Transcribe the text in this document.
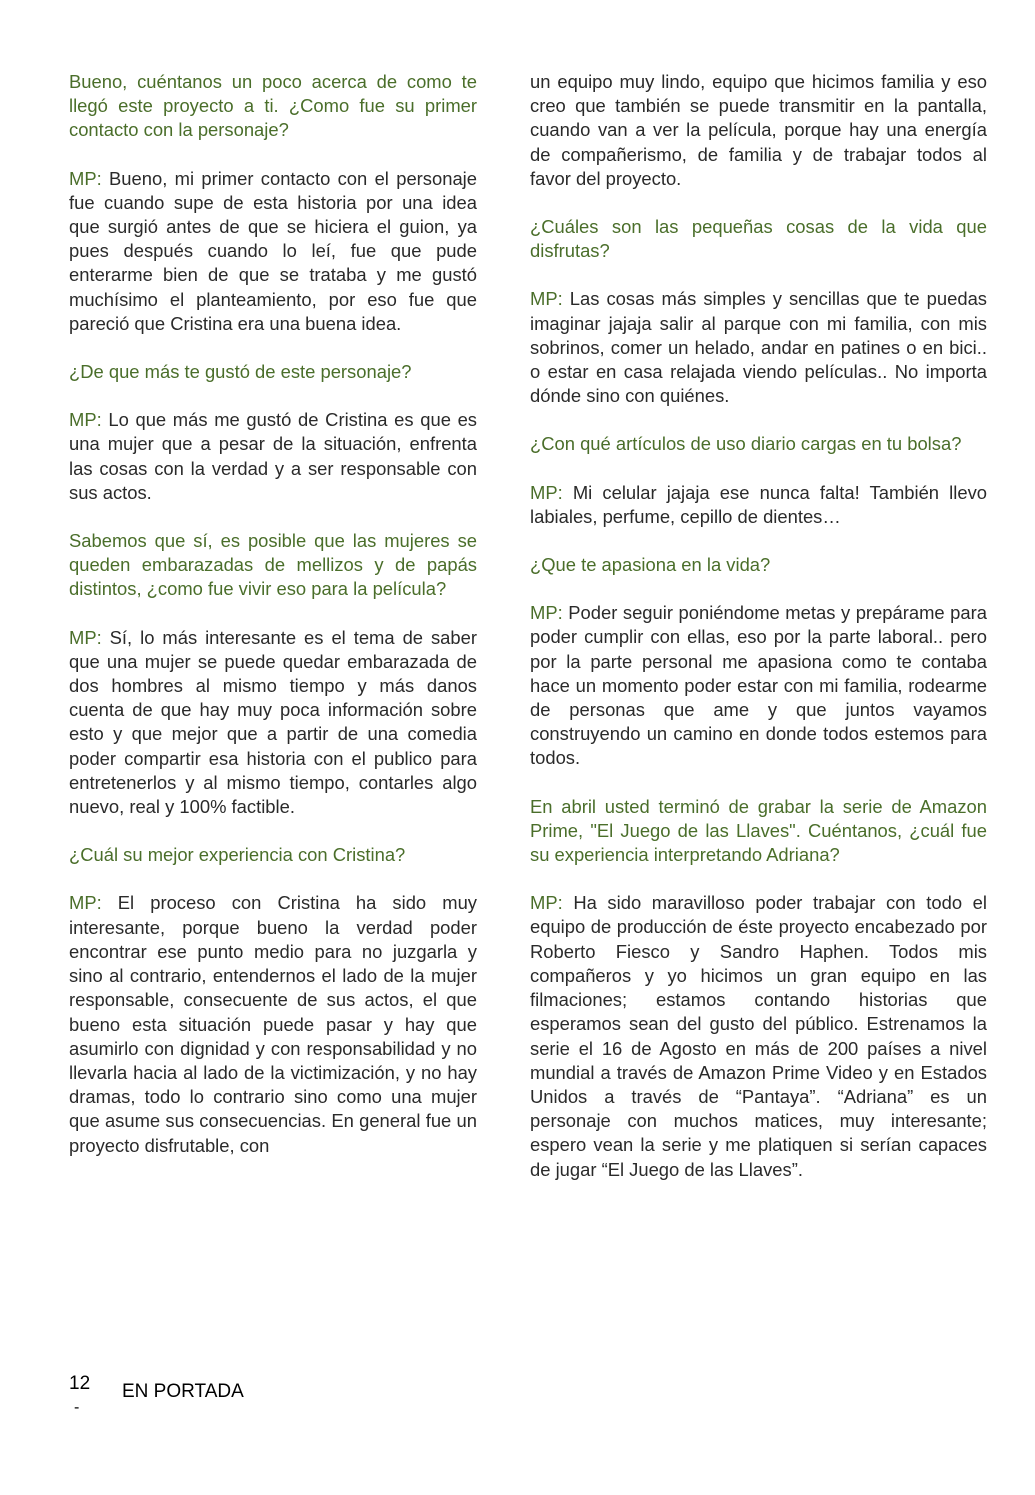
Bueno, cuéntanos un poco acerca de como te llegó este proyecto a ti. ¿Como fue su primer contacto con la personaje?

MP: Bueno, mi primer contacto con el personaje fue cuando supe de esta historia por una idea que surgió antes de que se hiciera el guion, ya pues después cuando lo leí, fue que pude enterarme bien de que se trataba y me gustó muchísimo el planteamiento, por eso fue que pareció que Cristina era una buena idea.

¿De que más te gustó de este personaje?

MP: Lo que más me gustó de Cristina es que es una mujer que a pesar de la situación, enfrenta las cosas con la verdad y a ser responsable con sus actos.

Sabemos que sí, es posible que las mujeres se queden embarazadas de mellizos y de papás distintos, ¿como fue vivir eso para la película?

MP: Sí, lo más interesante es el tema de saber que una mujer se puede quedar embarazada de dos hombres al mismo tiempo y más danos cuenta de que hay muy poca información sobre esto y que mejor que a partir de una comedia poder compartir esa historia con el publico para entretenerlos y al mismo tiempo, contarles algo nuevo, real y 100% factible.

¿Cuál su mejor experiencia con Cristina?

MP: El proceso con Cristina ha sido muy interesante, porque bueno la verdad poder encontrar ese punto medio para no juzgarla y sino al contrario, entendernos el lado de la mujer responsable, consecuente de sus actos, el que bueno esta situación puede pasar y hay que asumirlo con dignidad y con responsabilidad y no llevarla hacia al lado de la victimización, y no hay dramas, todo lo contrario sino como una mujer que asume sus consecuencias. En general fue un proyecto disfrutable, con

un equipo muy lindo, equipo que hicimos familia y eso creo que también se puede transmitir en la pantalla, cuando van a ver la película, porque hay una energía de compañerismo, de familia y de trabajar todos al favor del proyecto.

¿Cuáles son las pequeñas cosas de la vida que disfrutas?

MP: Las cosas más simples y sencillas que te puedas imaginar jajaja salir al parque con mi familia, con mis sobrinos, comer un helado, andar en patines o en bici.. o estar en casa relajada viendo películas.. No importa dónde sino con quiénes.

¿Con qué artículos de uso diario cargas en tu bolsa?

MP: Mi celular jajaja ese nunca falta! También llevo labiales, perfume, cepillo de dientes…

¿Que te apasiona en la vida?

MP: Poder seguir poniéndome metas y prepárame para poder cumplir con ellas, eso por la parte laboral.. pero por la parte personal me apasiona como te contaba hace un momento poder estar con mi familia, rodearme de personas que ame y que juntos vayamos construyendo un camino en donde todos estemos para todos.

En abril usted terminó de grabar la serie de Amazon Prime, "El Juego de las Llaves". Cuéntanos, ¿cuál fue su experiencia interpretando Adriana?

MP: Ha sido maravilloso poder trabajar con todo el equipo de producción de éste proyecto encabezado por Roberto Fiesco y Sandro Haphen. Todos mis compañeros y yo hicimos un gran equipo en las filmaciones; estamos contando historias que esperamos sean del gusto del público. Estrenamos la serie el 16 de Agosto en más de 200 países a nivel mundial a través de Amazon Prime Video y en Estados Unidos a través de “Pantaya”. “Adriana” es un personaje con muchos matices, muy interesante; espero vean la serie y me platiquen si serían capaces de jugar “El Juego de las Llaves”.

12
-
EN PORTADA
